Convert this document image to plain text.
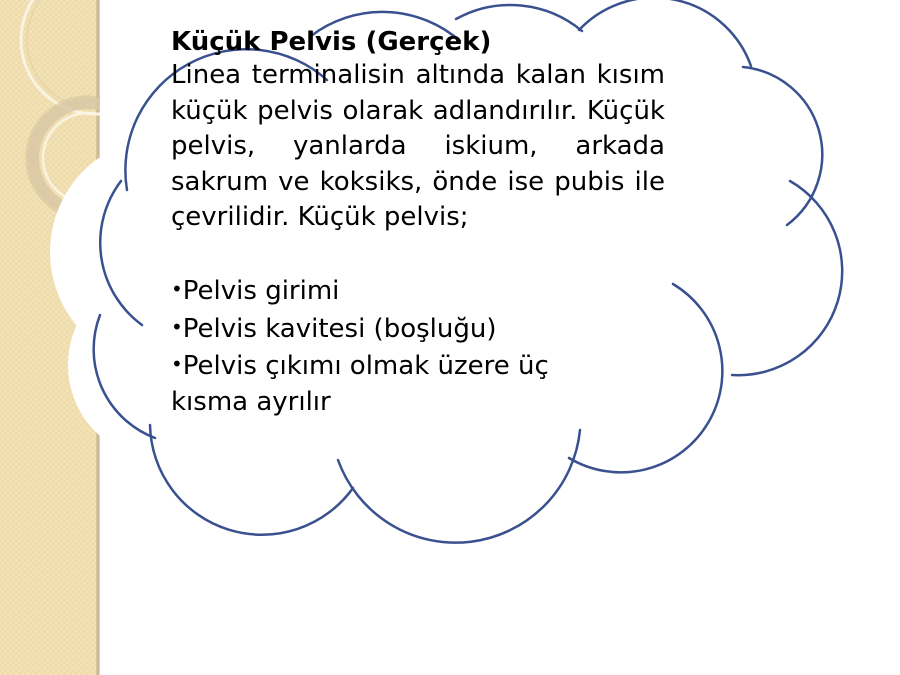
Küçük Pelvis (Gerçek)

Linea terminalisin altında kalan kısım küçük pelvis olarak adlandırılır. Küçük pelvis, yanlarda iskium, arkada sakrum ve koksiks, önde ise pubis ile çevrilidir. Küçük pelvis;

•Pelvis girimi
•Pelvis kavitesi (boşluğu)
•Pelvis çıkımı olmak üzere üç kısma ayrılır
